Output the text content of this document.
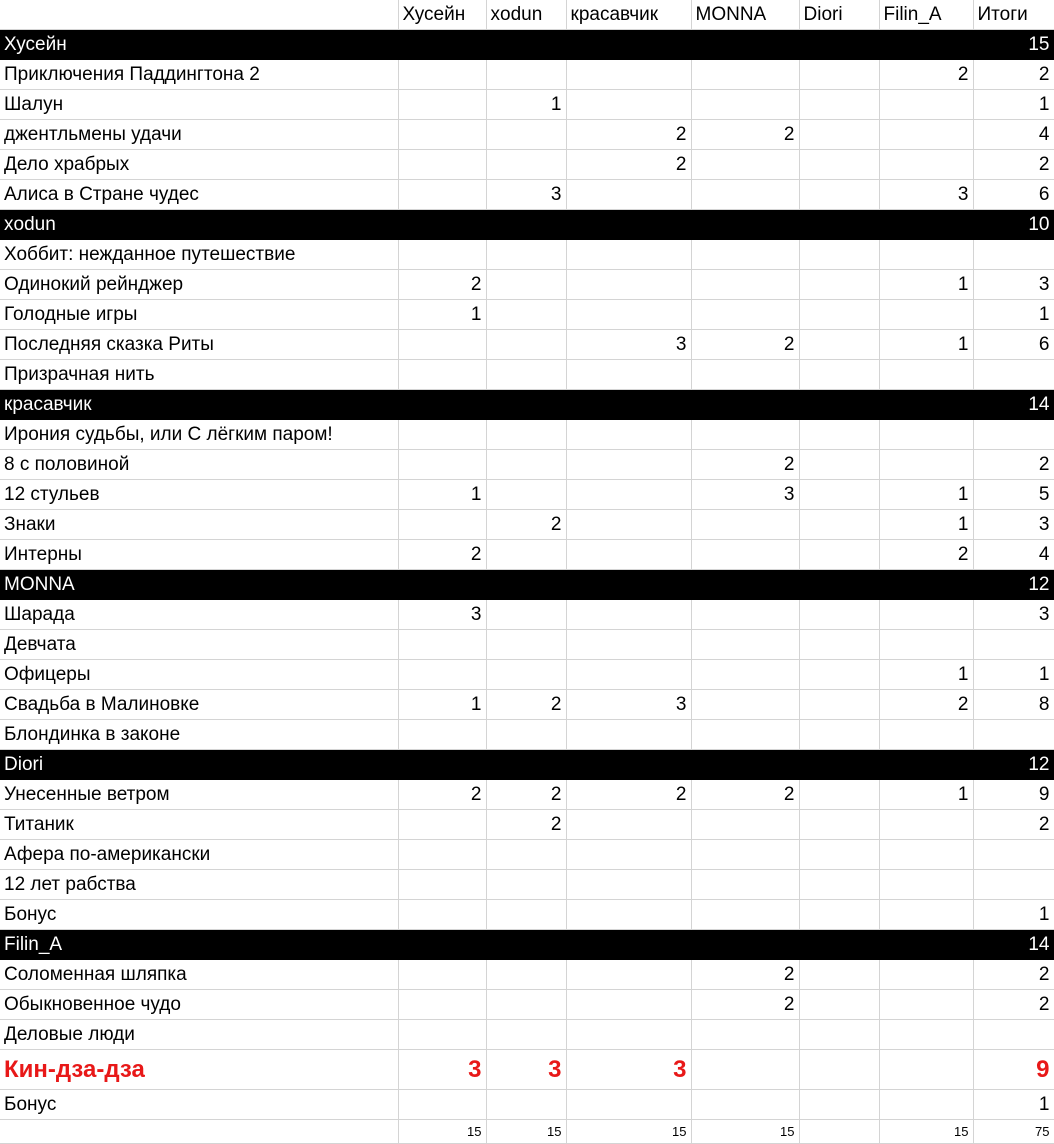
	Хусейн	xodun	красавчик	MONNA	Diori	Filin_A	Итоги
Хусейн							15
Приключения Паддингтона 2						2	2
Шалун		1					1
джентльмены удачи			2	2			4
Дело храбрых			2				2
Алиса в Стране чудес		3				3	6
xodun							10
Хоббит: нежданное путешествие							
Одинокий рейнджер	2					1	3
Голодные игры	1						1
Последняя сказка Риты			3	2		1	6
Призрачная нить							
красавчик							14
Ирония судьбы, или С лёгким паром!							
8 с половиной				2			2
12 стульев	1			3		1	5
Знаки		2				1	3
Интерны	2					2	4
MONNA							12
Шарада	3						3
Девчата							
Офицеры						1	1
Свадьба в Малиновке	1	2	3			2	8
Блондинка в законе							
Diori							12
Унесенные ветром	2	2	2	2		1	9
Титаник		2					2
Афера по-американски							
12 лет рабства							
Бонус							1
Filin_A							14
Соломенная шляпка				2			2
Обыкновенное чудо				2			2
Деловые люди							
Кин-дза-дза	3	3	3				9
Бонус							1
	15	15	15	15		15	75
